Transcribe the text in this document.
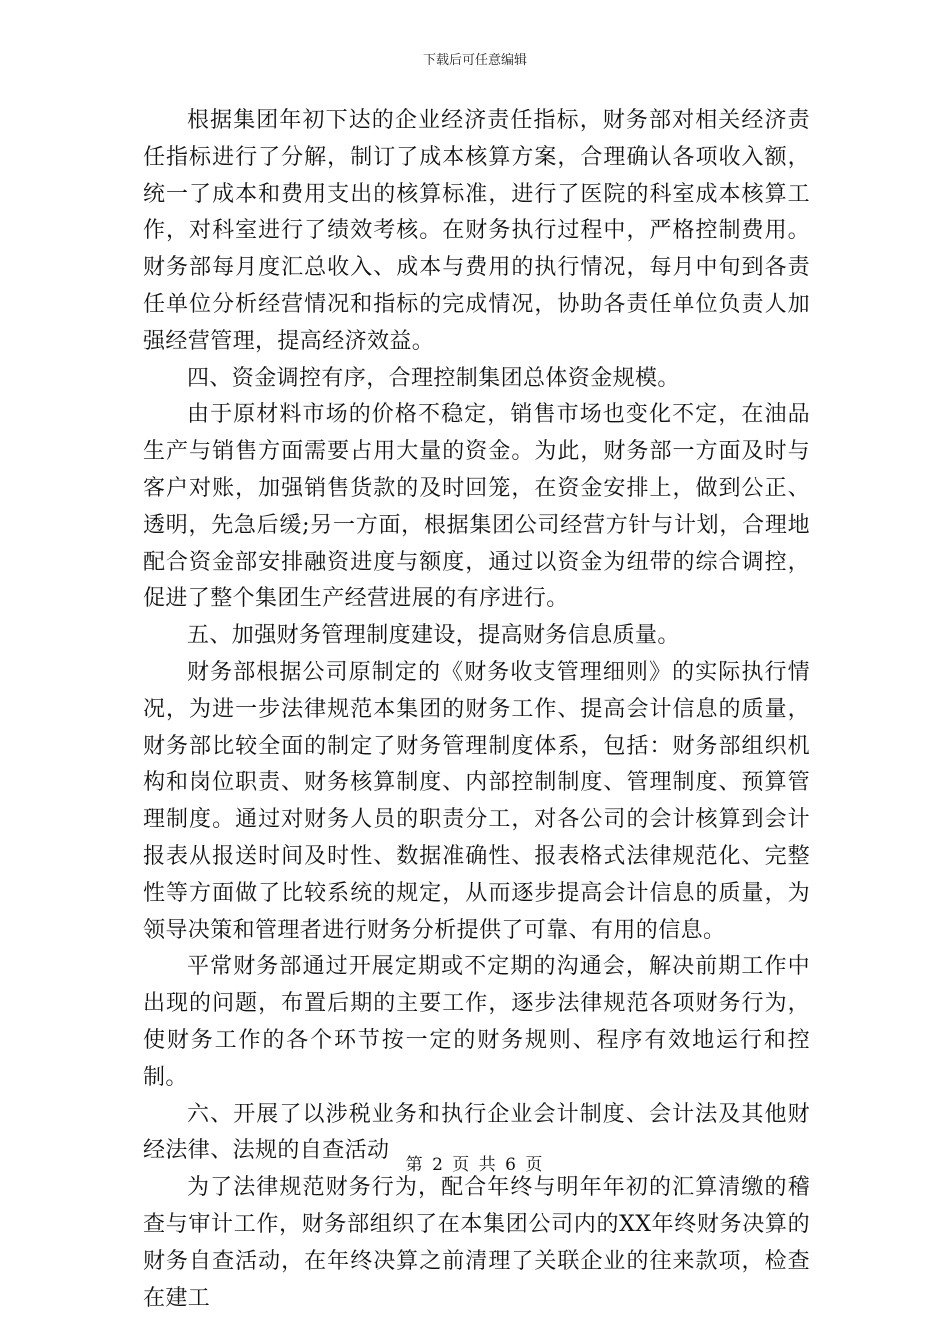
下载后可任意编辑

根据集团年初下达的企业经济责任指标，财务部对相关经济责任指标进行了分解，制订了成本核算方案，合理确认各项收入额，统一了成本和费用支出的核算标准，进行了医院的科室成本核算工作，对科室进行了绩效考核。在财务执行过程中，严格控制费用。财务部每月度汇总收入、成本与费用的执行情况，每月中旬到各责任单位分析经营情况和指标的完成情况，协助各责任单位负责人加强经营管理，提高经济效益。

四、资金调控有序，合理控制集团总体资金规模。

由于原材料市场的价格不稳定，销售市场也变化不定，在油品生产与销售方面需要占用大量的资金。为此，财务部一方面及时与客户对账，加强销售货款的及时回笼，在资金安排上，做到公正、透明，先急后缓;另一方面，根据集团公司经营方针与计划，合理地配合资金部安排融资进度与额度，通过以资金为纽带的综合调控，促进了整个集团生产经营进展的有序进行。

五、加强财务管理制度建设，提高财务信息质量。

财务部根据公司原制定的《财务收支管理细则》的实际执行情况，为进一步法律规范本集团的财务工作、提高会计信息的质量，财务部比较全面的制定了财务管理制度体系，包括：财务部组织机构和岗位职责、财务核算制度、内部控制制度、管理制度、预算管理制度。通过对财务人员的职责分工，对各公司的会计核算到会计报表从报送时间及时性、数据准确性、报表格式法律规范化、完整性等方面做了比较系统的规定，从而逐步提高会计信息的质量，为领导决策和管理者进行财务分析提供了可靠、有用的信息。

平常财务部通过开展定期或不定期的沟通会，解决前期工作中出现的问题，布置后期的主要工作，逐步法律规范各项财务行为，使财务工作的各个环节按一定的财务规则、程序有效地运行和控制。

六、开展了以涉税业务和执行企业会计制度、会计法及其他财经法律、法规的自查活动

为了法律规范财务行为，配合年终与明年年初的汇算清缴的稽查与审计工作，财务部组织了在本集团公司内的XX年终财务决算的财务自查活动，在年终决算之前清理了关联企业的往来款项，检查在建工

第 2 页 共 6 页
